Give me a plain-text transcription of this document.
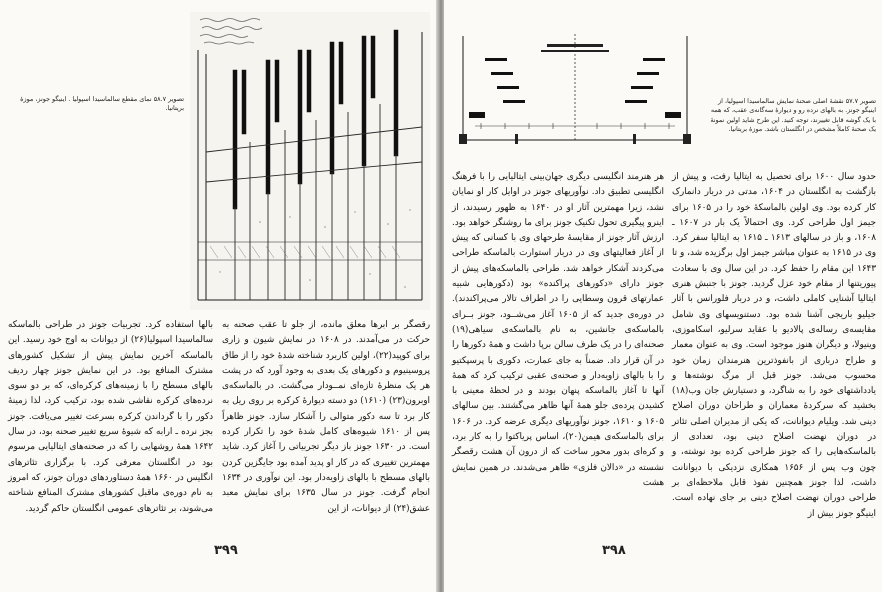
تصویر ۵۸.۷ نمای مقطع سالماسیدا اسپولیا . اینیگو جونز، موزهٔ بریتانیا.

بالها استفاده کرد. تجربیات جونز در طراحی‌ بالماسکه سالماسیدا اسپولیا(۲۶) از دیوانات به اوج خود رسید. این بالماسکه آخرین نمایش پیش از تشکیل کشورهای مشترک المنافع بود. در این نمایش جونز چهار ردیف بالهای مسطح را با زمینه‌های کرکره‌ای، که بر دو سوی نرده‌های کرکره نقاشی شده بود، ترکیب کرد، لذا زمینهٔ دکور را با گرداندن کرکره بسرعت تغییر می‌یافت. جونز بجز نرده ـ ارابه که شیوهٔ سریع تغییر صحنه بود، در سال ۱۶۴۲ همهٔ روشهایی را که در صحنه‌های ایتالیایی مرسوم بود در انگلستان معرفی کرد. با برگزاری تئاترهای انگلیس در ۱۶۶۰ همهٔ دستاوردهای دوران جونز، که امروز به نام دوره‌ی ماقبل کشورهای مشترک المنافع شناخته می‌شوند، بر تئاترهای عمومی انگلستان حاکم گردید.

رقصگر بر ابرها معلق مانده، از جلو تا عقب صحنه به حرکت در می‌آمدند. در ۱۶۰۸ در نمایش شیون و زاری برای کوپید(۲۲)، اولین کاربرد شناخته شدهٔ خود را از طاق پروسینیوم و دکورهای یک بعدی به وجود آورد که در پشت هر یک منظرهٔ تازه‌ای نمــودار می‌گشت. در بالماسکه‌ی اوبرون(۲۳) (۱۶۱۰) دو دسته دیوارهٔ کرکره بر روی ریل به کار برد تا سه دکور متوالی را آشکار سازد. جونز ظاهراً پس از ۱۶۱۰ شیوه‌های کامل شدهٔ خود را تکرار کرده است. در ۱۶۳۰ جونز باز دیگر تجربیاتی را آغاز کرد. شاید مهمترین تغییری که در کار او پدید آمده بود جایگزین کردن بالهای مسطح با بالهای زاویه‌دار بود. این نوآوری در ۱۶۳۴ انجام گرفت. جونز در سال ۱۶۳۵ برای نمایش معبد عشق(۲۴) از دیوانات، از این

۳۹۹
تصویر ۵۷.۷ نقشهٔ اصلی صحنهٔ نمایش سالماسیدا اسپولیا، از اینیگو جونز. به بالهای نرده رو و دیوارهٔ سه‌گانه‌ی عقب، که همه با یک گوشه قابل تغییرند، توجه کنید. این طرح شاید اولین نمونهٔ یک صحنهٔ کاملاً مشخص در انگلستان باشد. موزهٔ بریتانیا.

هر هنرمند انگلیسی دیگری جهان‌بینی ایتالیایی را با فرهنگ انگلیسی تطبیق داد. نوآوریهای جونز در اوایل کار او نمایان نشد، زیرا مهمترین آثار او در ۱۶۴۰ به ظهور رسیدند، از اینرو پیگیری تحول تکنیک جونز برای ما روشنگر خواهد بود. ارزش آثار جونز از مقایسهٔ طرحهای وی با کسانی که پیش از آغاز فعالیتهای وی در دربار استوارت بالماسکه طراحی می‌کردند آشکار خواهد شد. طراحی بالماسکه‌های پیش از جونز دارای «دکورهای پراکنده» بود (دکورهایی شبیه عمارتهای قرون وسطایی را در اطراف تالار می‌پراکندند). در دوره‌ی جدید که از ۱۶۰۵ آغاز می‌شــود، جونز بــرای بالماسکه‌ی جانشین، به نام بالماسکه‌ی سیاهی(۱۹) صحنه‌ای را در یک طرف سالن برپا داشت و همهٔ دکورها را در آن قرار داد. ضمناً به جای عمارت، دکوری با پرسپکتیو را با بالهای زاویه‌دار و صحنه‌ی عقبی ترکیب کرد که همهٔ آنها تا آغاز بالماسکه پنهان بودند و در لحظهٔ معینی با کشیدن پرده‌ی جلو همهٔ آنها ظاهر می‌گشتند. بین سالهای ۱۶۰۵ و ۱۶۱۰، جونز نوآوریهای دیگری عرضه کرد. در ۱۶۰۶ برای بالماسکه‌ی هیمن(۲۰)، اساس پریاکتوا را به کار برد، و کره‌ای بدور محور ساخت که از درون آن هشت رقصگر نشسته در «دالان فلزی» ظاهر می‌شدند. در همین نمایش هشت

حدود سال ۱۶۰۰ برای تحصیل به ایتالیا رفت، و پیش از بازگشت به انگلستان در ۱۶۰۴، مدتی در دربار دانمارک کار کرده بود. وی اولین بالماسکهٔ خود را در ۱۶۰۵ برای جیمز اول طراحی کرد. وی احتمالاً یک بار در ۱۶۰۷ ـ ۱۶۰۸، و باز در سالهای ۱۶۱۳ ـ ۱۶۱۵ به ایتالیا سفر کرد. وی در ۱۶۱۵ به عنوان مباشر جیمز اول برگزیده شد، و تا ۱۶۴۳ این مقام را حفظ کرد. در این سال وی با سعادت پیوریتنها از مقام خود عزل گردید. جونز با جنبش هنری ایتالیا آشنایی کاملی داشت، و در دربار فلورانس با آثار جیلیو باریجی آشنا شده بود. دستنویسهای وی شامل مقایسه‌ی رساله‌ی پالادیو با عقاید سرلیو، اسکاموزی، وینیولا، و دیگران هنوز موجود است. وی به عنوان معمار و طراح درباری از بانفوذترین هنرمندان زمان خود محسوب می‌شد. جونز قبل از مرگ نوشته‌ها و یادداشتهای خود را به شاگرد، و دستیارش جان وب(۱۸) بخشید که سرکردهٔ معماران و طراحان دوران اصلاح دینی شد. ویلیام دیوانانت، که یکی از مدیران اصلی تئاتر در دوران نهضت اصلاح دینی بود، تعدادی از بالماسکه‌هایی را که جونز طراحی کرده بود نوشته، و چون وب پس از ۱۶۵۶ همکاری نزدیکی با دیوانانت داشت، لذا جونز همچنین نفوذ قابل ملاحظه‌ای بر طراحی دوران نهضت اصلاح دینی بر جای نهاده است. اینیگو جونز بیش از

۳۹۸
